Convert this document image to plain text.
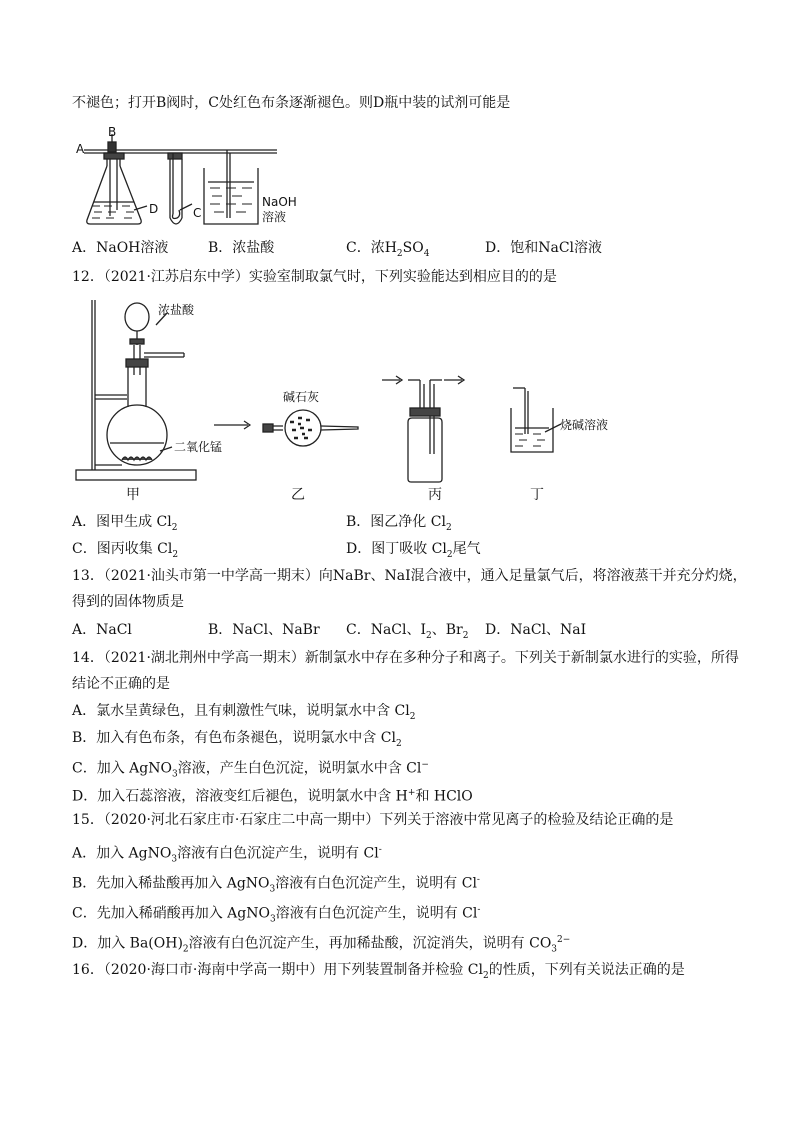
不褪色；打开B阀时，C处红色布条逐渐褪色。则D瓶中装的试剂可能是
A
B
D	C
NaOH
溶液
A．NaOH溶液	B．浓盐酸	C．浓$H_2SO_4$	D．饱和NaCl溶液
12．（2021·江苏启东中学）实验室制取氯气时，下列实验能达到相应目的的是
浓盐酸
二氧化锰
碱石灰
烧碱溶液
甲	乙	丙	丁
A．图甲生成 $Cl_2$	B．图乙净化 $Cl_2$
C．图丙收集 $Cl_2$	D．图丁吸收 $Cl_2$尾气
13．（2021·汕头市第一中学高一期末）向NaBr、NaI混合液中，通入足量氯气后，将溶液蒸干并充分灼烧，
得到的固体物质是
A．NaCl	B．NaCl、NaBr C．NaCl、$I_2$、$Br_2$ D．NaCl、NaI
14．（2021·湖北荆州中学高一期末）新制氯水中存在多种分子和离子。下列关于新制氯水进行的实验，所得
结论不正确的是
A．氯水呈黄绿色，且有刺激性气味，说明氯水中含 $Cl_2$
B．加入有色布条，有色布条褪色，说明氯水中含 $Cl_2$
C．加入 AgNO$_3$溶液，产生白色沉淀，说明氯水中含 Cl−
D．加入石蕊溶液，溶液变红后褪色，说明氯水中含 H+和 HClO
15．（2020·河北石家庄市·石家庄二中高一期中）下列关于溶液中常见离子的检验及结论正确的是
A．加入 AgNO$_3$溶液有白色沉淀产生，说明有 Cl-
B．先加入稀盐酸再加入 AgNO$_3$溶液有白色沉淀产生，说明有 Cl-
C．先加入稀硝酸再加入 AgNO$_3$溶液有白色沉淀产生，说明有 Cl-
D．加入 $Ba(OH)_2$溶液有白色沉淀产生，再加稀盐酸，沉淀消失，说明有 $CO_3^{2-}$
16．（2020·海口市·海南中学高一期中）用下列装置制备并检验 $Cl_2$的性质，下列有关说法正确的是
